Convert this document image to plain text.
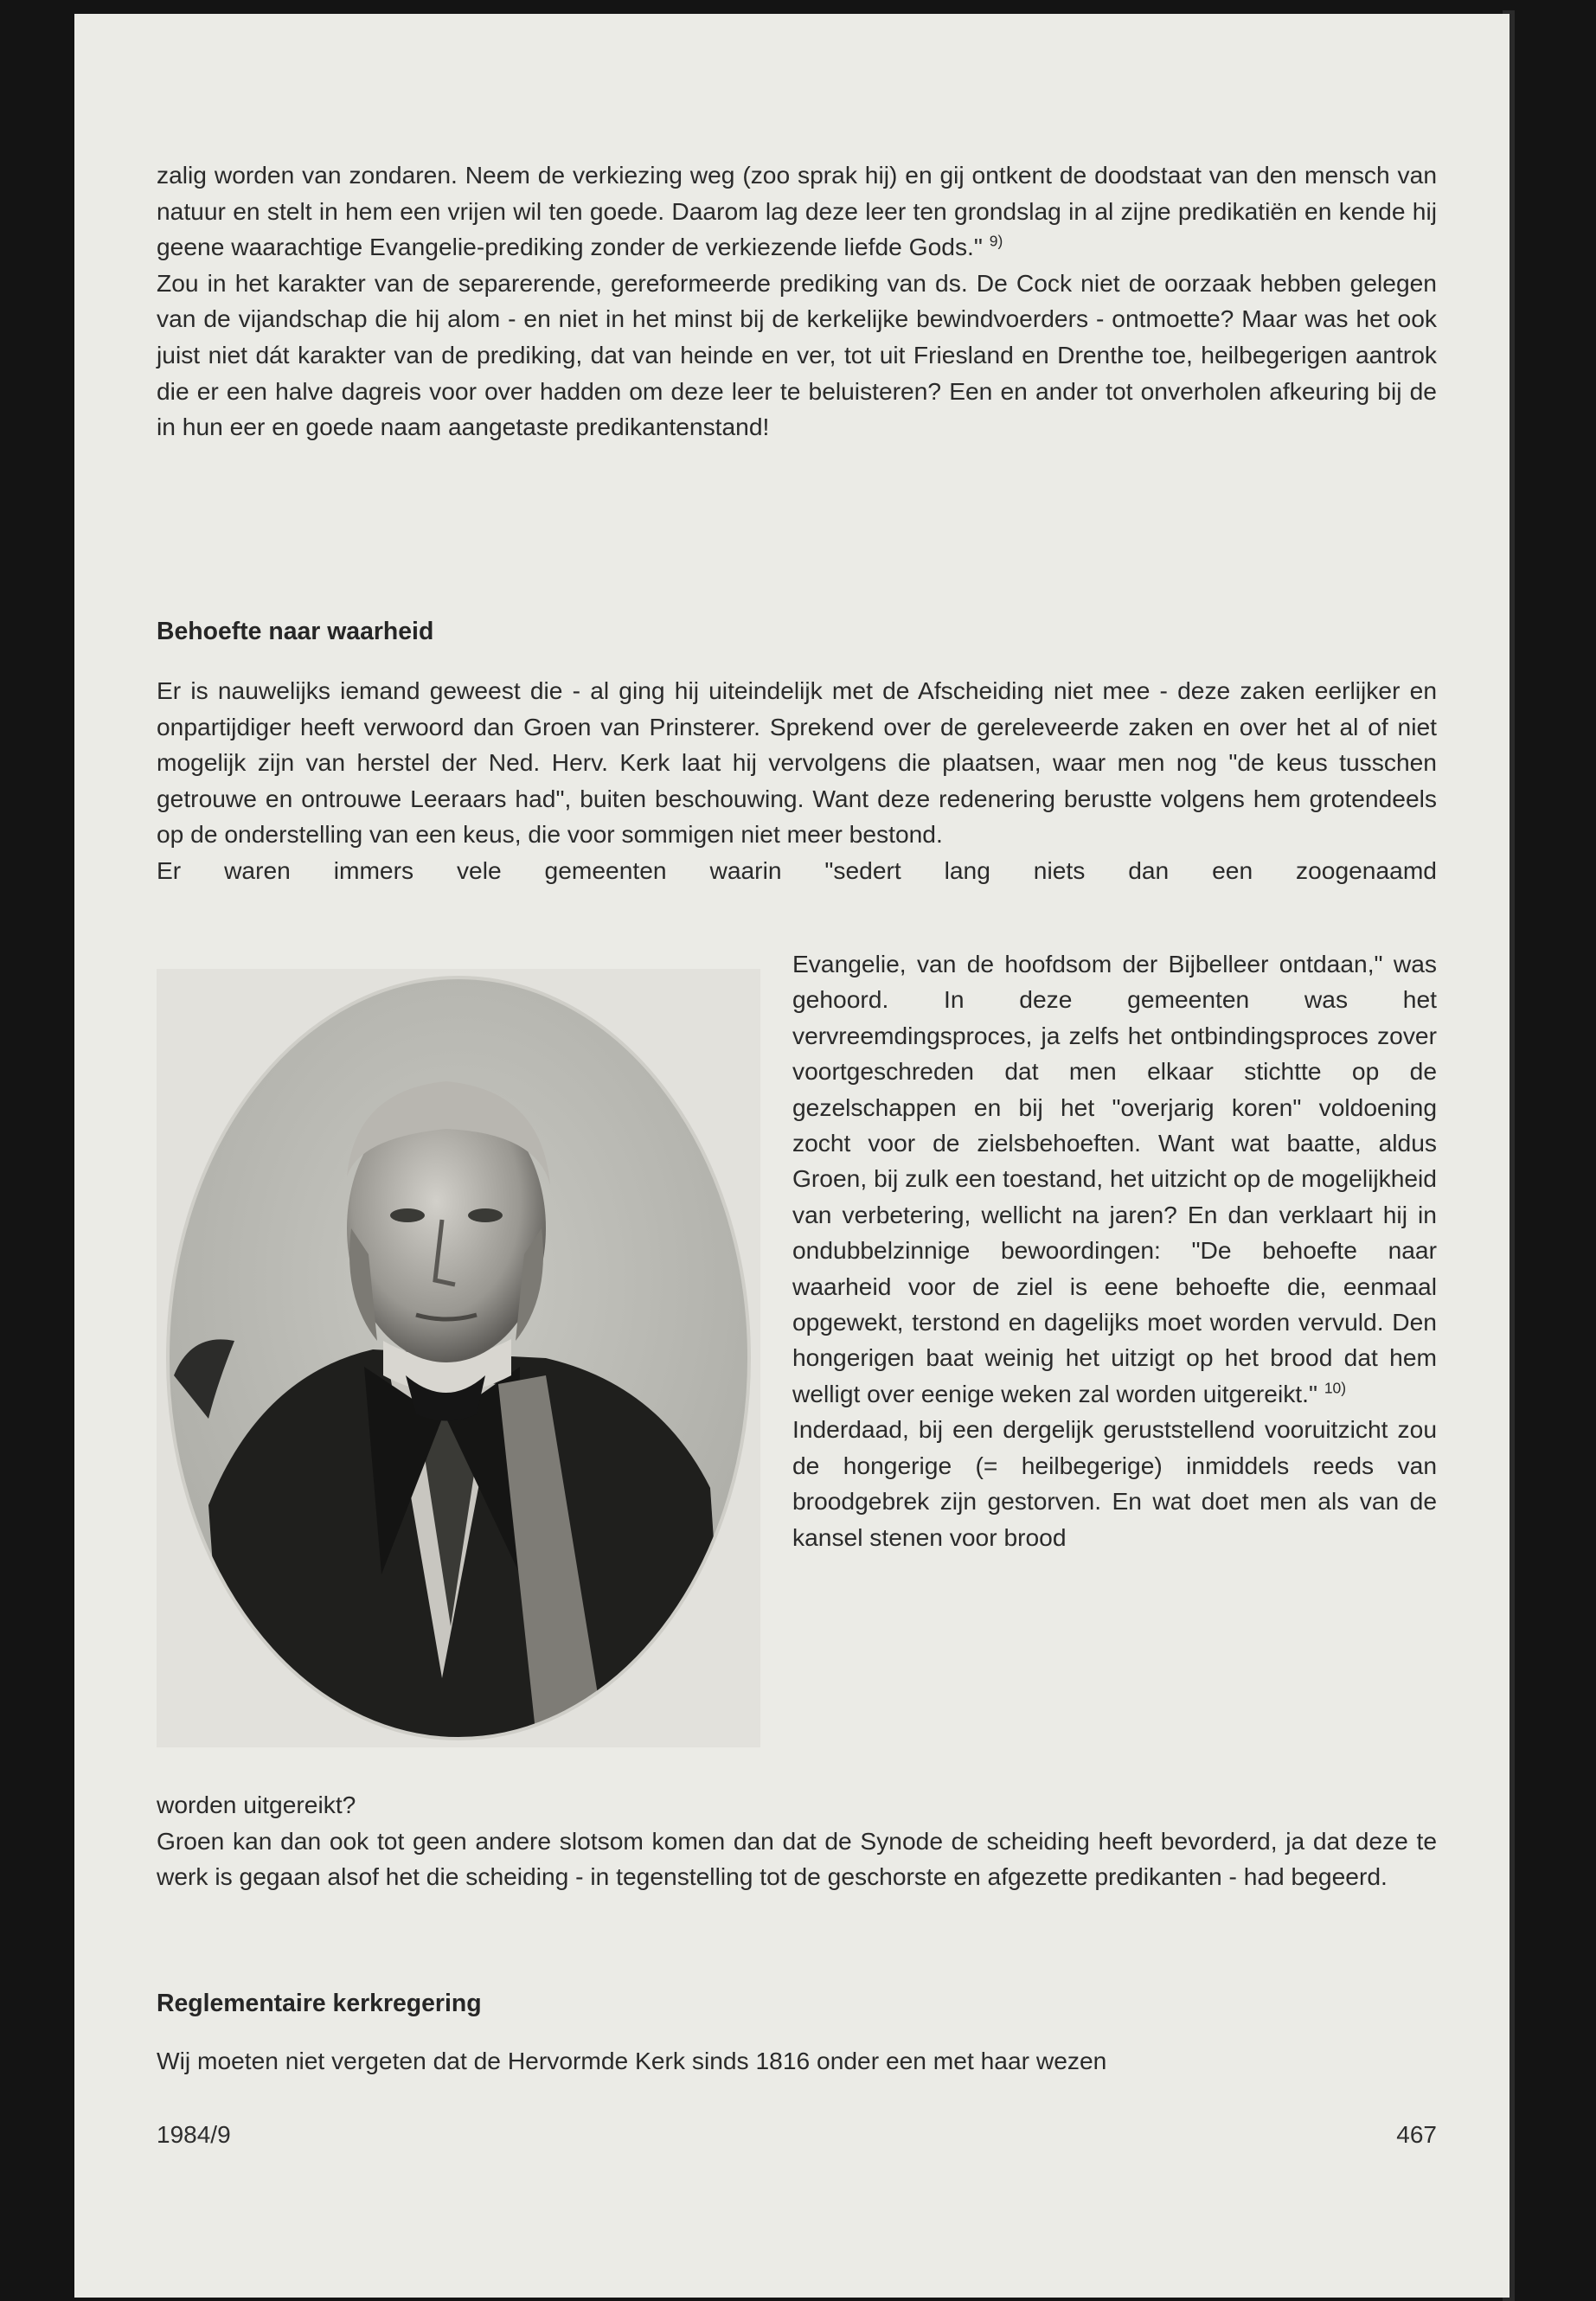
zalig worden van zondaren. Neem de verkiezing weg (zoo sprak hij) en gij ontkent de doodstaat van den mensch van natuur en stelt in hem een vrijen wil ten goede. Daarom lag deze leer ten grondslag in al zijne predikatiën en kende hij geene waarachtige Evangelie-prediking zonder de verkiezende liefde Gods." $^{9)}$

Zou in het karakter van de separerende, gereformeerde prediking van ds. De Cock niet de oorzaak hebben gelegen van de vijandschap die hij alom - en niet in het minst bij de kerkelijke bewindvoerders - ontmoette? Maar was het ook juist niet dát karakter van de prediking, dat van heinde en ver, tot uit Friesland en Drenthe toe, heilbegerigen aantrok die er een halve dagreis voor over hadden om deze leer te beluisteren? Een en ander tot onverholen afkeuring bij de in hun eer en goede naam aangetaste predikantenstand!

Behoefte naar waarheid

Er is nauwelijks iemand geweest die - al ging hij uiteindelijk met de Afscheiding niet mee - deze zaken eerlijker en onpartijdiger heeft verwoord dan Groen van Prinsterer. Sprekend over de gereleveerde zaken en over het al of niet mogelijk zijn van herstel der Ned. Herv. Kerk laat hij vervolgens die plaatsen, waar men nog "de keus tusschen getrouwe en ontrouwe Leeraars had", buiten beschouwing. Want deze redenering berustte volgens hem grotendeels op de onderstelling van een keus, die voor sommigen niet meer bestond.

Er waren immers vele gemeenten waarin "sedert lang niets dan een zoogenaamd

Evangelie, van de hoofdsom der Bijbelleer ontdaan," was gehoord. In deze gemeenten was het vervreemdingsproces, ja zelfs het ontbindingsproces zover voortgeschreden dat men elkaar stichtte op de gezelschappen en bij het "overjarig koren" voldoening zocht voor de zielsbehoeften. Want wat baatte, aldus Groen, bij zulk een toestand, het uitzicht op de mogelijkheid van verbetering, wellicht na jaren? En dan verklaart hij in ondubbelzinnige bewoordingen: "De behoefte naar waarheid voor de ziel is eene behoefte die, eenmaal opgewekt, terstond en dagelijks moet worden vervuld. Den hongerigen baat weinig het uitzigt op het brood dat hem welligt over eenige weken zal worden uitgereikt." $^{10)}$

Inderdaad, bij een dergelijk geruststellend vooruitzicht zou de hongerige (= heilbegerige) inmiddels reeds van broodgebrek zijn gestorven. En wat doet men als van de kansel stenen voor brood

worden uitgereikt?

Groen kan dan ook tot geen andere slotsom komen dan dat de Synode de scheiding heeft bevorderd, ja dat deze te werk is gegaan alsof het die scheiding - in tegenstelling tot de geschorste en afgezette predikanten - had begeerd.

Reglementaire kerkregering

Wij moeten niet vergeten dat de Hervormde Kerk sinds 1816 onder een met haar wezen

1984/9	467
